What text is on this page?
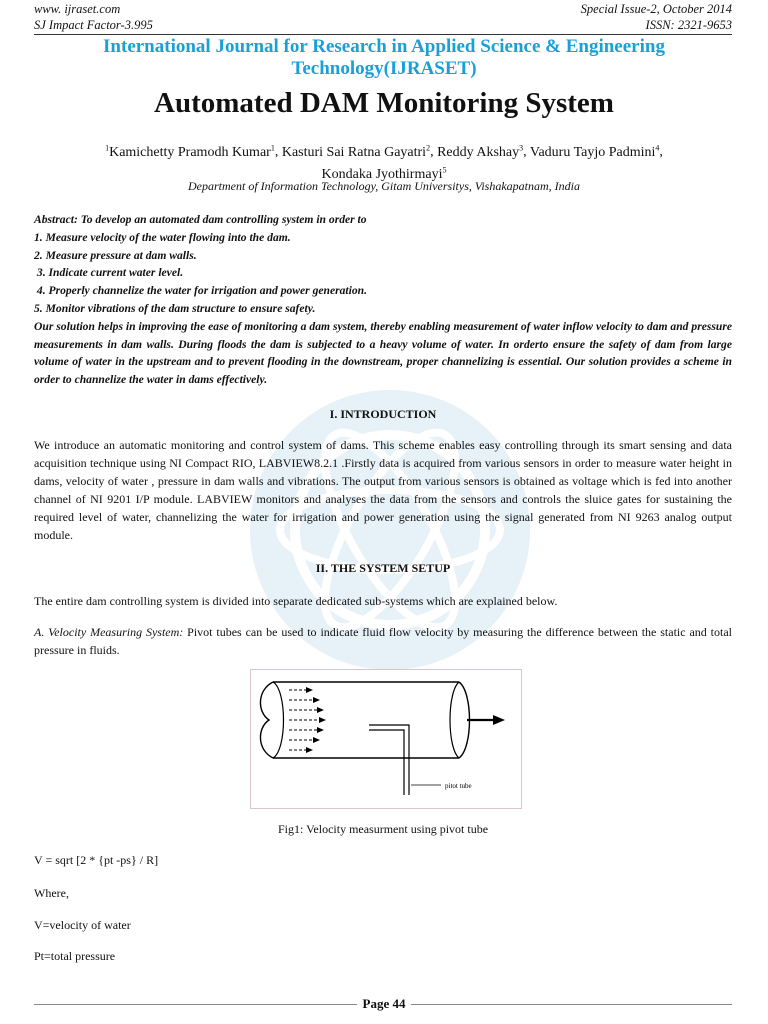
www. ijraset.com
SJ Impact Factor-3.995
Special Issue-2, October 2014
ISSN: 2321-9653
International Journal for Research in Applied Science & Engineering
Technology(IJRASET)
Automated DAM Monitoring System
$^1$Kamichetty Pramodh Kumar$^1$, Kasturi Sai Ratna Gayatri$^2$, Reddy Akshay$^3$, Vaduru Tayjo Padmini$^4$,
Kondaka Jyothirmayi$^5$
Department of Information Technology, Gitam Universitys, Vishakapatnam, India

Abstract: To develop an automated dam controlling system in order to

1. Measure velocity of the water flowing into the dam.

2. Measure pressure at dam walls.

3. Indicate current water level.

4. Properly channelize the water for irrigation and power generation.

5. Monitor vibrations of the dam structure to ensure safety.

Our solution helps in improving the ease of monitoring a dam system, thereby enabling measurement of water inflow velocity to dam and pressure measurements in dam walls. During floods the dam is subjected to a heavy volume of water. In orderto ensure the safety of dam from large volume of water in the upstream and to prevent flooding in the downstream, proper channelizing is essential. Our solution provides a scheme in order to channelize the water in dams effectively.

I. INTRODUCTION
We introduce an automatic monitoring and control system of dams. This scheme enables easy controlling through its smart sensing and data acquisition technique using NI Compact RIO, LABVIEW8.2.1 .Firstly data is acquired from various sensors in order to measure water height in dams, velocity of water , pressure in dam walls and vibrations. The output from various sensors is obtained as voltage which is fed into another channel of NI 9201 I/P module. LABVIEW monitors and analyses the data from the sensors and controls the sluice gates for sustaining the required level of water, channelizing the water for irrigation and power generation using the signal generated from NI 9263 analog output module.
II. THE SYSTEM SETUP
The entire dam controlling system is divided into separate dedicated sub-systems which are explained below.
A. Velocity Measuring System: Pivot tubes can be used to indicate fluid flow velocity by measuring the difference between the static and total pressure in fluids.
pitot tube
Fig1: Velocity measurment using pivot tube
V = sqrt [2 * {pt -ps} / R]
Where,
V=velocity of water
Pt=total pressure
Page 44
